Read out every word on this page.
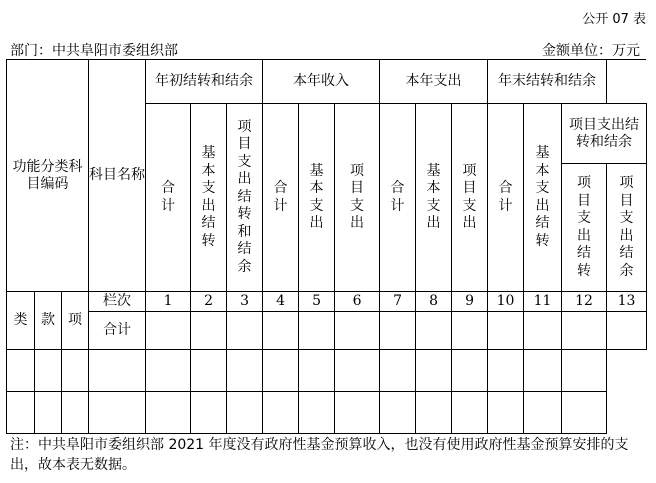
公开 07 表
部门：中共阜阳市委组织部	金额单位：万元
功能分类科目编码			科目名称	年初结转和结余			本年收入			本年支出			年末结转和结余			
				合计	基本支出结转	项目支出结转和结余	合计	基本支出	项目支出	合计	基本支出	项目支出	合计	基本支出结转	项目支出结转和结余	
															项目支出结转	项目支出结余
类	款	项	栏次	1	2	3	4	5	6	7	8	9	10	11	12	13
			合计													

注：中共阜阳市委组织部 2021 年度没有政府性基金预算收入，也没有使用政府性基金预算安排的支出，故本表无数据。
